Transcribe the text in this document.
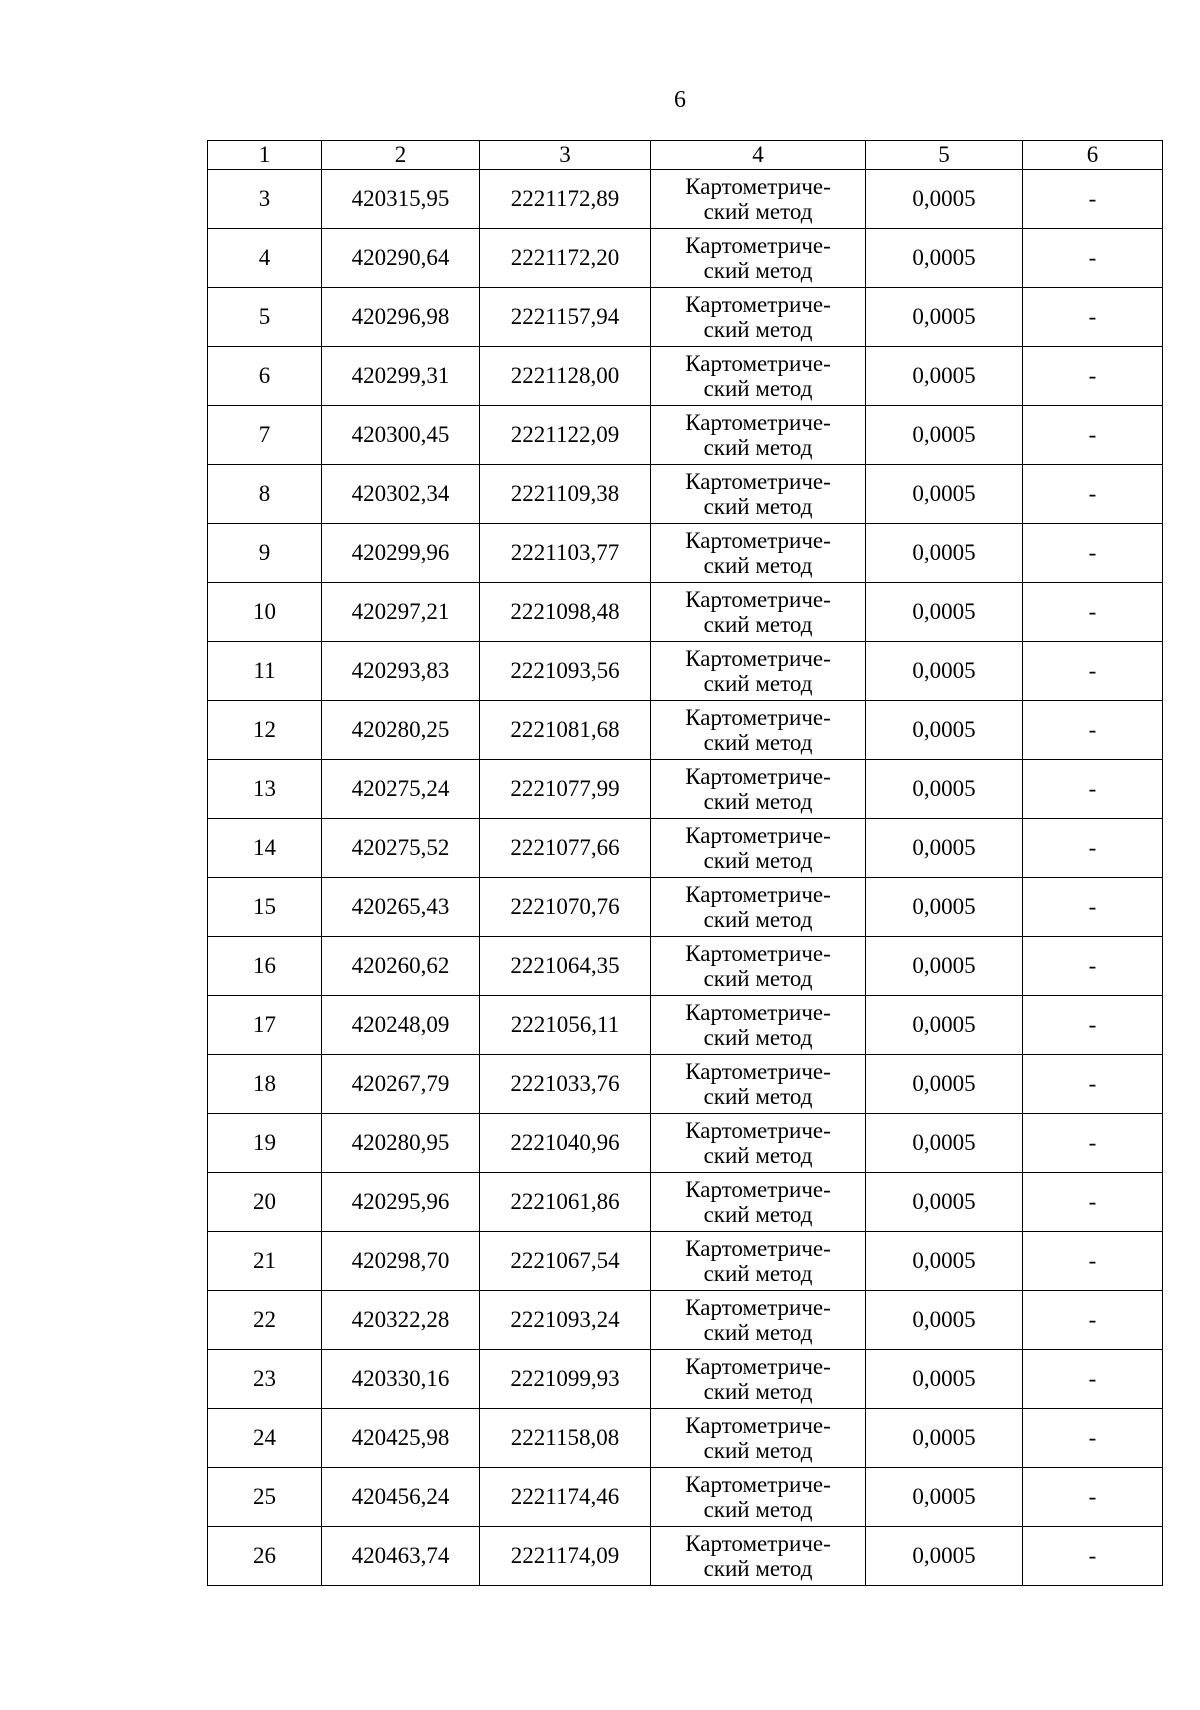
6
1	2	3	4	5	6
3	420315,95	2221172,89	Картометриче-
ский метод	0,0005	-
4	420290,64	2221172,20	Картометриче-
ский метод	0,0005	-
5	420296,98	2221157,94	Картометриче-
ский метод	0,0005	-
6	420299,31	2221128,00	Картометриче-
ский метод	0,0005	-
7	420300,45	2221122,09	Картометриче-
ский метод	0,0005	-
8	420302,34	2221109,38	Картометриче-
ский метод	0,0005	-
9	420299,96	2221103,77	Картометриче-
ский метод	0,0005	-
10	420297,21	2221098,48	Картометриче-
ский метод	0,0005	-
11	420293,83	2221093,56	Картометриче-
ский метод	0,0005	-
12	420280,25	2221081,68	Картометриче-
ский метод	0,0005	-
13	420275,24	2221077,99	Картометриче-
ский метод	0,0005	-
14	420275,52	2221077,66	Картометриче-
ский метод	0,0005	-
15	420265,43	2221070,76	Картометриче-
ский метод	0,0005	-
16	420260,62	2221064,35	Картометриче-
ский метод	0,0005	-
17	420248,09	2221056,11	Картометриче-
ский метод	0,0005	-
18	420267,79	2221033,76	Картометриче-
ский метод	0,0005	-
19	420280,95	2221040,96	Картометриче-
ский метод	0,0005	-
20	420295,96	2221061,86	Картометриче-
ский метод	0,0005	-
21	420298,70	2221067,54	Картометриче-
ский метод	0,0005	-
22	420322,28	2221093,24	Картометриче-
ский метод	0,0005	-
23	420330,16	2221099,93	Картометриче-
ский метод	0,0005	-
24	420425,98	2221158,08	Картометриче-
ский метод	0,0005	-
25	420456,24	2221174,46	Картометриче-
ский метод	0,0005	-
26	420463,74	2221174,09	Картометриче-
ский метод	0,0005	-
